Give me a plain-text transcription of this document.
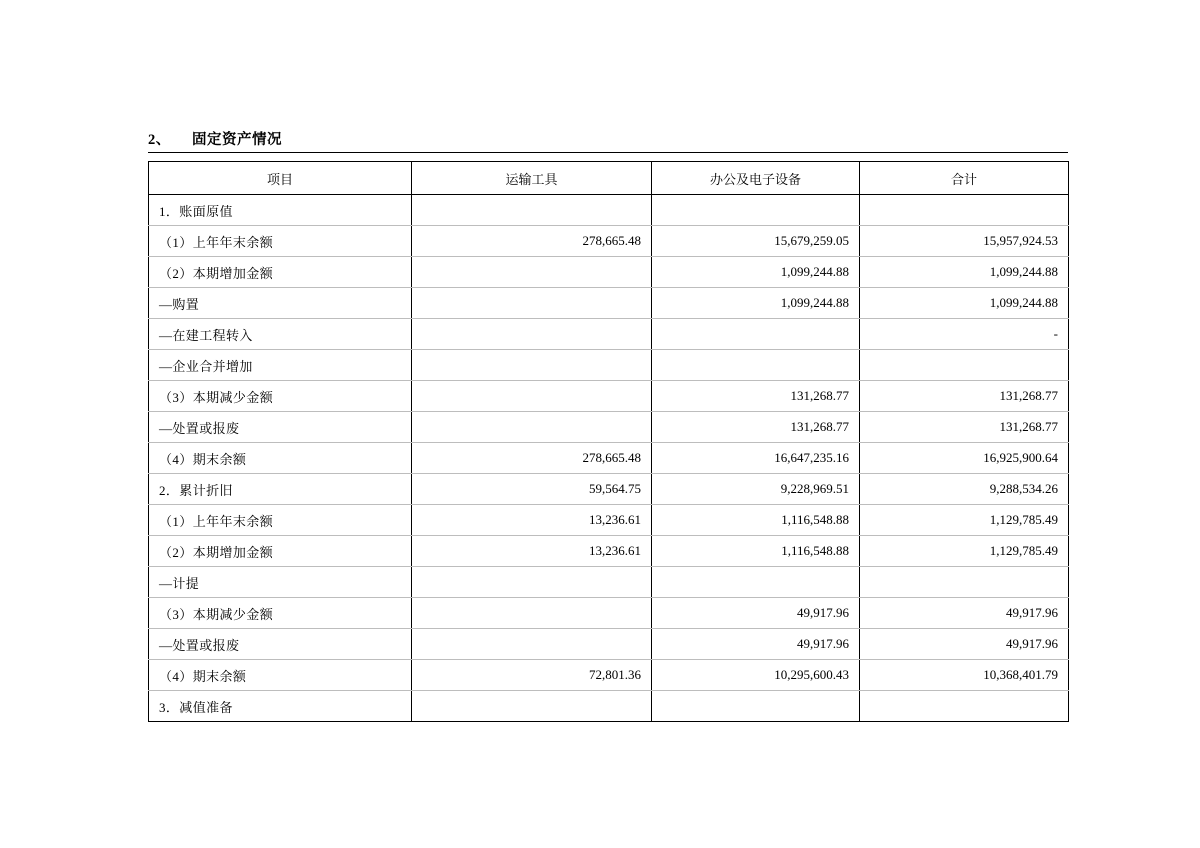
2、	固定资产情况
项目	运输工具	办公及电子设备	合计
1．账面原值			
（1）上年年末余额	278,665.48	15,679,259.05	15,957,924.53
（2）本期增加金额		1,099,244.88	1,099,244.88
—购置		1,099,244.88	1,099,244.88
—在建工程转入			-
—企业合并增加			
（3）本期减少金额		131,268.77	131,268.77
—处置或报废		131,268.77	131,268.77
（4）期末余额	278,665.48	16,647,235.16	16,925,900.64
2．累计折旧	59,564.75	9,228,969.51	9,288,534.26
（1）上年年末余额	13,236.61	1,116,548.88	1,129,785.49
（2）本期增加金额	13,236.61	1,116,548.88	1,129,785.49
—计提			
（3）本期减少金额		49,917.96	49,917.96
—处置或报废		49,917.96	49,917.96
（4）期末余额	72,801.36	10,295,600.43	10,368,401.79
3．减值准备			
